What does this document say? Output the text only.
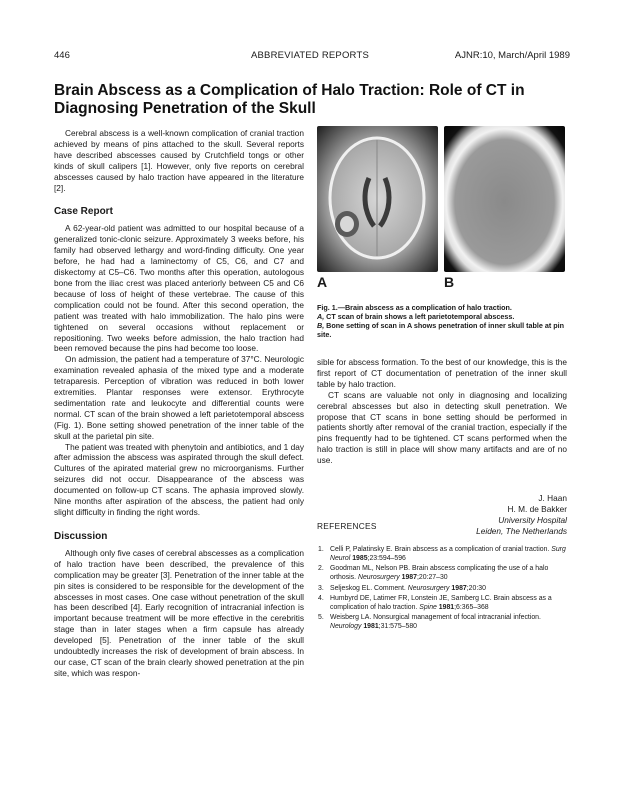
446	ABBREVIATED REPORTS	AJNR:10, March/April 1989
Brain Abscess as a Complication of Halo Traction: Role of CT in Diagnosing Penetration of the Skull

Cerebral abscess is a well-known complication of cranial traction achieved by means of pins attached to the skull. Several reports have described abscesses caused by Crutchfield tongs or other kinds of skull calipers [1]. However, only five reports on cerebral abscesses caused by halo traction have appeared in the literature [2].

Case Report

A 62-year-old patient was admitted to our hospital because of a generalized tonic-clonic seizure. Approximately 3 weeks before, his family had observed lethargy and word-finding difficulty. One year before, he had had a laminectomy of C5, C6, and C7 and diskectomy at C5–C6. Two months after this operation, autologous bone from the iliac crest was placed anteriorly between C5 and C6 because of loss of height of these vertebrae. The cause of this complication could not be found. After this second operation, the patient was treated with halo immobilization. The halo pins were tightened on several occasions without replacement or repositioning. Two weeks before admission, the halo traction had been removed because the pins had become too loose.

On admission, the patient had a temperature of 37°C. Neurologic examination revealed aphasia of the mixed type and a moderate tetraparesis. Perception of vibration was reduced in both lower extremities. Plantar responses were extensor. Erythrocyte sedimentation rate and leukocyte and differential counts were normal. CT scan of the brain showed a left parietotemporal abscess (Fig. 1). Bone setting showed penetration of the inner table of the skull at the parietal pin site.

The patient was treated with phenytoin and antibiotics, and 1 day after admission the abscess was aspirated through the skull defect. Cultures of the apirated material grew no microorganisms. Further seizures did not occur. Disappearance of the abscess was documented on follow-up CT scans. The aphasia improved slowly. Nine months after aspiration of the abscess, the patient had only slight difficulty in finding the right words.

Discussion

Although only five cases of cerebral abscesses as a complication of halo traction have been described, the prevalence of this complication may be greater [3]. Penetration of the inner table at the pin sites is considered to be responsible for the development of the abscesses in most cases. One case without penetration of the skull has been described [4]. Early recognition of intracranial infection is important because treatment will be more effective in the cerebritis stage than in later stages when a firm capsule has already developed [5]. Penetration of the inner table of the skull undoubtedly increases the risk of development of brain abscess. In our case, CT scan of the brain clearly showed penetration at the pin site, which was respon-

A	B
Fig. 1.—Brain abscess as a complication of halo traction.
A, CT scan of brain shows a left parietotemporal abscess.
B, Bone setting of scan in A shows penetration of inner skull table at pin site.

sible for abscess formation. To the best of our knowledge, this is the first report of CT documentation of penetration of the inner skull table by halo traction.

CT scans are valuable not only in diagnosing and localizing cerebral abscesses but also in detecting skull penetration. We propose that CT scans in bone setting should be performed in patients shortly after removal of the cranial traction, especially if the pins frequently had to be tightened. CT scans performed when the halo traction is still in place will show many artifacts and are of no use.

J. Haan
H. M. de Bakker
University Hospital
Leiden, The Netherlands
REFERENCES
1. Celli P, Palatinsky E. Brain abscess as a complication of cranial traction. Surg Neurol 1985;23:594–596
2. Goodman ML, Nelson PB. Brain abscess complicating the use of a halo orthosis. Neurosurgery 1987;20:27–30
3. Seljeskog EL. Comment. Neurosurgery 1987;20:30
4. Humbyrd DE, Latimer FR, Lonstein JE, Samberg LC. Brain abscess as a complication of halo traction. Spine 1981;6:365–368
5. Weisberg LA. Nonsurgical management of focal intracranial infection. Neurology 1981;31:575–580
